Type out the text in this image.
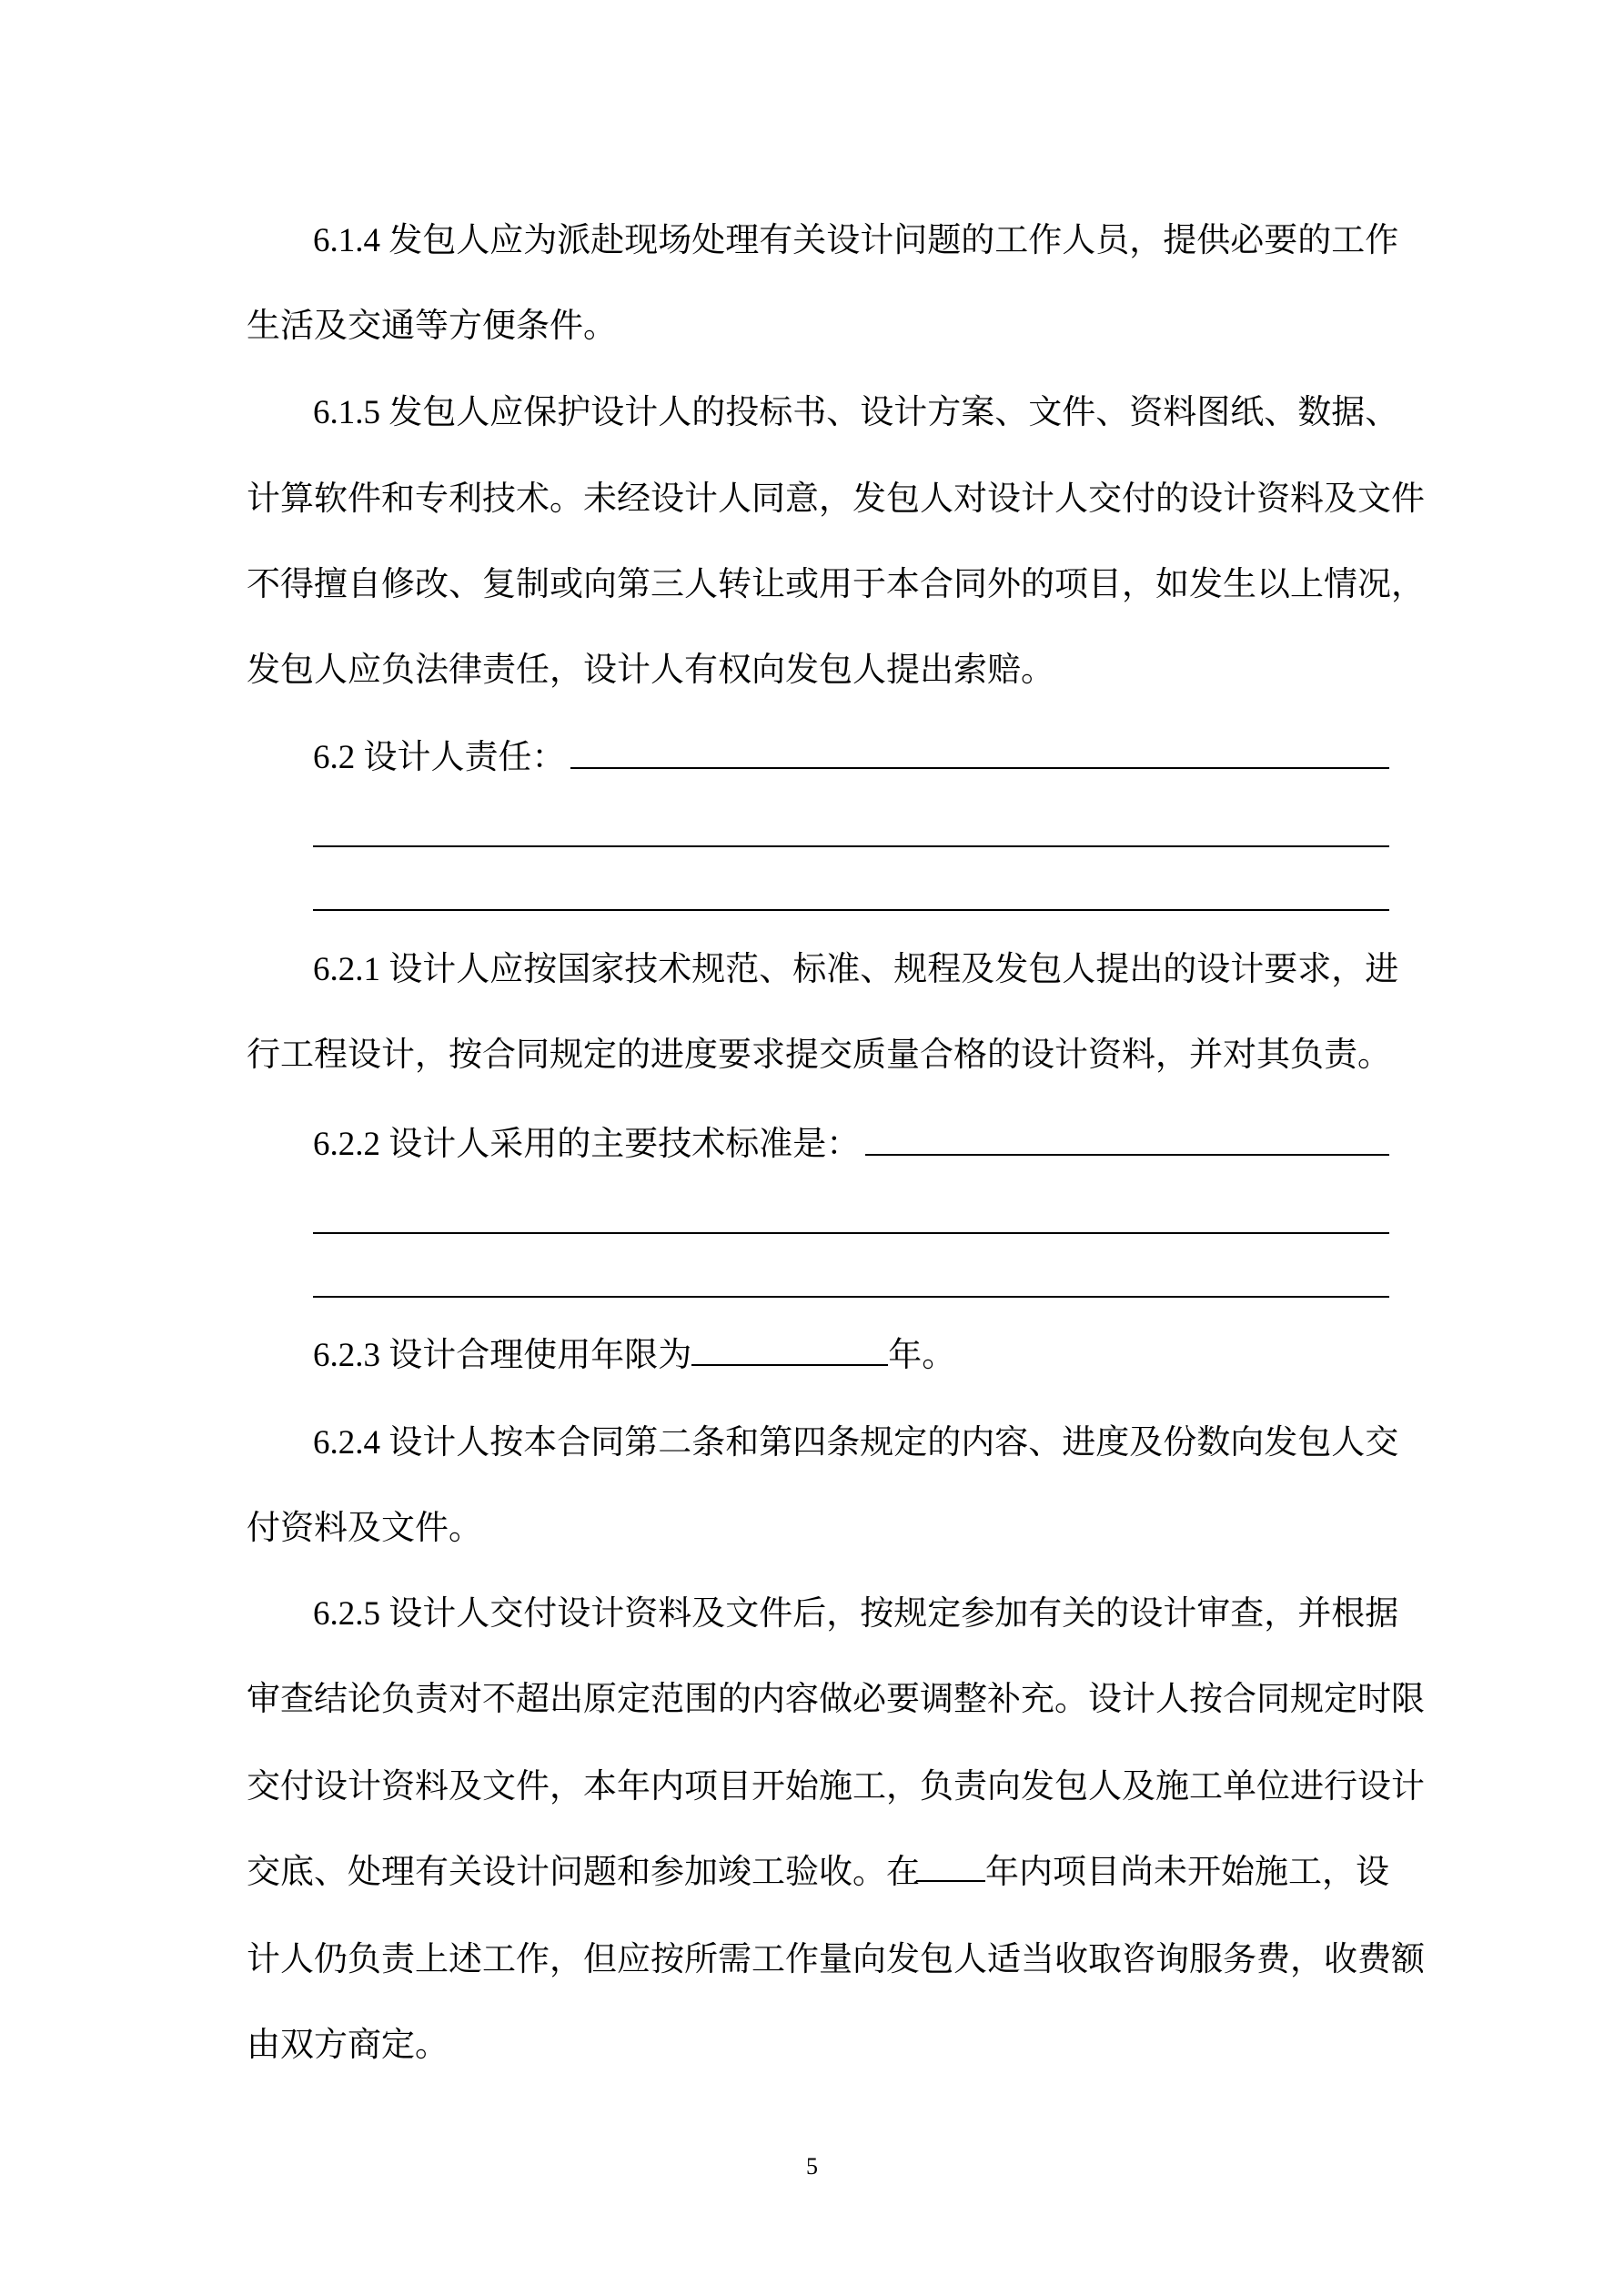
6.1.4 发包人应为派赴现场处理有关设计问题的工作人员，提供必要的工作
生活及交通等方便条件。
6.1.5 发包人应保护设计人的投标书、设计方案、文件、资料图纸、数据、
计算软件和专利技术。未经设计人同意，发包人对设计人交付的设计资料及文件
不得擅自修改、复制或向第三人转让或用于本合同外的项目，如发生以上情况，
发包人应负法律责任，设计人有权向发包人提出索赔。
6.2 设计人责任：
6.2.1 设计人应按国家技术规范、标准、规程及发包人提出的设计要求，进
行工程设计，按合同规定的进度要求提交质量合格的设计资料，并对其负责。
6.2.2 设计人采用的主要技术标准是：
6.2.3 设计合理使用年限为	年。
6.2.4 设计人按本合同第二条和第四条规定的内容、进度及份数向发包人交
付资料及文件。
6.2.5 设计人交付设计资料及文件后，按规定参加有关的设计审查，并根据
审查结论负责对不超出原定范围的内容做必要调整补充。设计人按合同规定时限
交付设计资料及文件，本年内项目开始施工，负责向发包人及施工单位进行设计
交底、处理有关设计问题和参加竣工验收。在 年内项目尚未开始施工，设
计人仍负责上述工作，但应按所需工作量向发包人适当收取咨询服务费，收费额
由双方商定。
5
